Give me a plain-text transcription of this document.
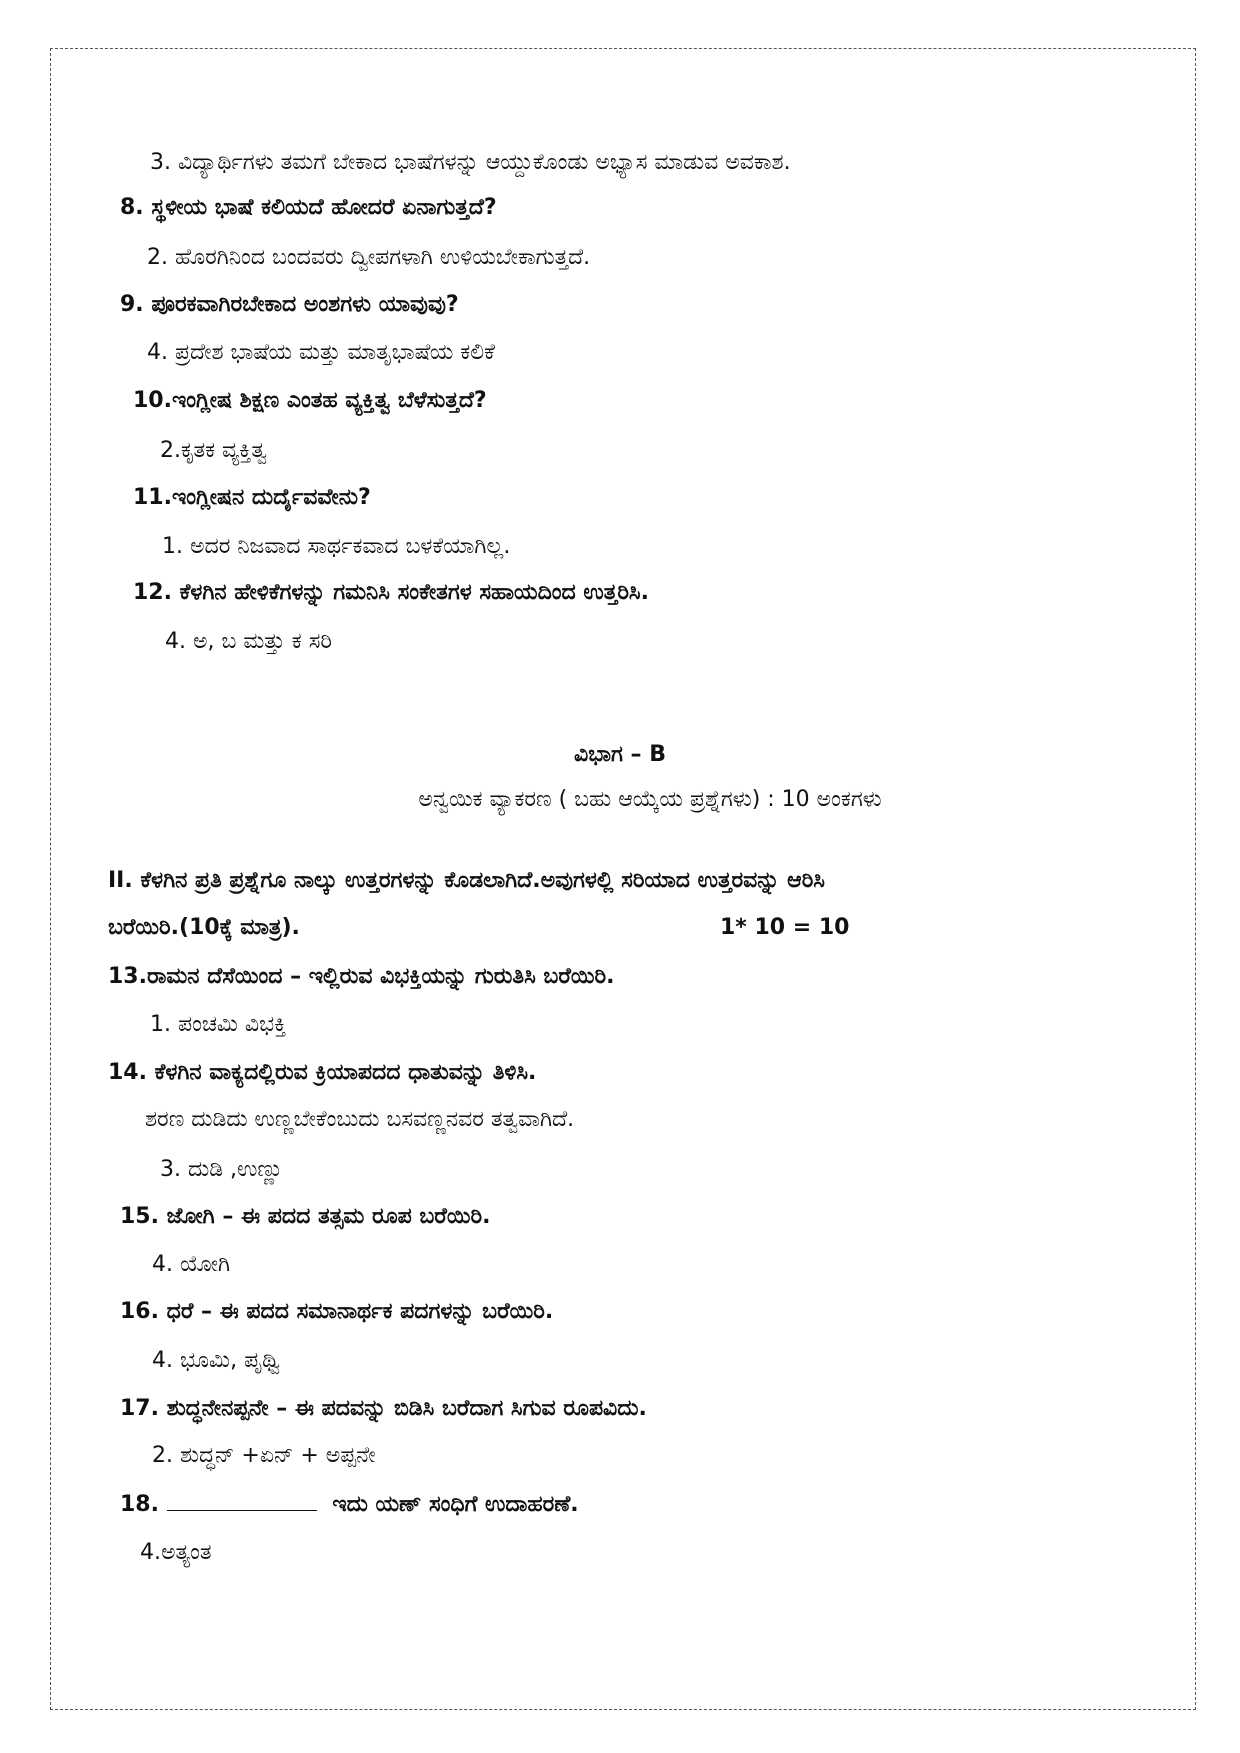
3. ವಿದ್ಯಾರ್ಥಿಗಳು ತಮಗೆ ಬೇಕಾದ ಭಾಷೆಗಳನ್ನು ಆಯ್ದುಕೊಂಡು ಅಭ್ಯಾಸ ಮಾಡುವ ಅವಕಾಶ.
8. ಸ್ಥಳೀಯ ಭಾಷೆ ಕಲಿಯದೆ ಹೋದರೆ ಏನಾಗುತ್ತದೆ?
2. ಹೊರಗಿನಿಂದ ಬಂದವರು ದ್ವೀಪಗಳಾಗಿ ಉಳಿಯಬೇಕಾಗುತ್ತದೆ.
9. ಪೂರಕವಾಗಿರಬೇಕಾದ ಅಂಶಗಳು ಯಾವುವು?
4. ಪ್ರದೇಶ ಭಾಷೆಯ ಮತ್ತು ಮಾತೃಭಾಷೆಯ ಕಲಿಕೆ
10.ಇಂಗ್ಲೀಷ ಶಿಕ್ಷಣ ಎಂತಹ ವ್ಯಕ್ತಿತ್ವ ಬೆಳೆಸುತ್ತದೆ?
2.ಕೃತಕ ವ್ಯಕ್ತಿತ್ವ
11.ಇಂಗ್ಲೀಷನ ದುರ್ದೈವವೇನು?
1. ಅದರ ನಿಜವಾದ ಸಾರ್ಥಕವಾದ ಬಳಕೆಯಾಗಿಲ್ಲ.
12. ಕೆಳಗಿನ ಹೇಳಿಕೆಗಳನ್ನು ಗಮನಿಸಿ ಸಂಕೇತಗಳ ಸಹಾಯದಿಂದ ಉತ್ತರಿಸಿ.
4. ಅ, ಬ ಮತ್ತು ಕ ಸರಿ
ವಿಭಾಗ – B
ಅನ್ವಯಿಕ ವ್ಯಾಕರಣ ( ಬಹು ಆಯ್ಕೆಯ ಪ್ರಶ್ನೆಗಳು) : 10 ಅಂಕಗಳು
II. ಕೆಳಗಿನ ಪ್ರತಿ ಪ್ರಶ್ನೆಗೂ ನಾಲ್ಕು ಉತ್ತರಗಳನ್ನು ಕೊಡಲಾಗಿದೆ.ಅವುಗಳಲ್ಲಿ ಸರಿಯಾದ ಉತ್ತರವನ್ನು ಆರಿಸಿ
ಬರೆಯಿರಿ.(10ಕ್ಕೆ ಮಾತ್ರ).	1* 10 = 10
13.ರಾಮನ ದೆಸೆಯಿಂದ – ಇಲ್ಲಿರುವ ವಿಭಕ್ತಿಯನ್ನು ಗುರುತಿಸಿ ಬರೆಯಿರಿ.
1. ಪಂಚಮಿ ವಿಭಕ್ತಿ
14. ಕೆಳಗಿನ ವಾಕ್ಯದಲ್ಲಿರುವ ಕ್ರಿಯಾಪದದ ಧಾತುವನ್ನು ತಿಳಿಸಿ.
ಶರಣ ದುಡಿದು ಉಣ್ಣಬೇಕೆಂಬುದು ಬಸವಣ್ಣನವರ ತತ್ವವಾಗಿದೆ.
3. ದುಡಿ ,ಉಣ್ಣು
15. ಜೋಗಿ – ಈ ಪದದ ತತ್ಸಮ ರೂಪ ಬರೆಯಿರಿ.
4. ಯೋಗಿ
16. ಧರೆ – ಈ ಪದದ ಸಮಾನಾರ್ಥಕ ಪದಗಳನ್ನು ಬರೆಯಿರಿ.
4. ಭೂಮಿ, ಪೃಥ್ವಿ
17. ಶುದ್ಧನೇನಪ್ಪನೇ – ಈ ಪದವನ್ನು ಬಿಡಿಸಿ ಬರೆದಾಗ ಸಿಗುವ ರೂಪವಿದು.
2. ಶುದ್ಧನ್ +ಏನ್ + ಅಪ್ಪನೇ
18.	ಇದು ಯಣ್ ಸಂಧಿಗೆ ಉದಾಹರಣೆ.
4.ಅತ್ಯಂತ
